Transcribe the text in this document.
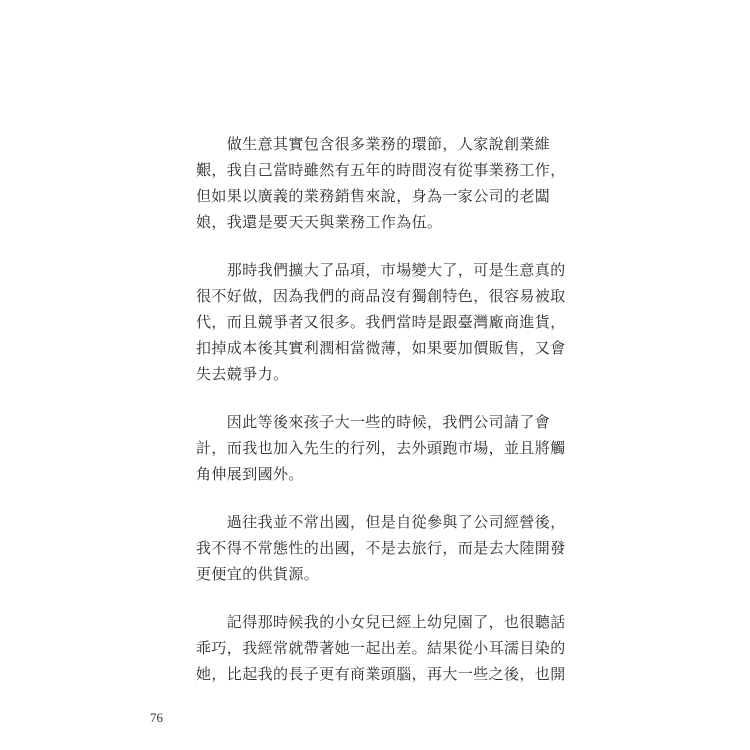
　　做生意其實包含很多業務的環節，人家說創業維
艱，我自己當時雖然有五年的時間沒有從事業務工作，
但如果以廣義的業務銷售來說，身為一家公司的老闆
娘，我還是要天天與業務工作為伍。

　　那時我們擴大了品項，市場變大了，可是生意真的
很不好做，因為我們的商品沒有獨創特色，很容易被取
代，而且競爭者又很多。我們當時是跟臺灣廠商進貨，
扣掉成本後其實利潤相當微薄，如果要加價販售，又會
失去競爭力。

　　因此等後來孩子大一些的時候，我們公司請了會
計，而我也加入先生的行列，去外頭跑市場，並且將觸
角伸展到國外。

　　過往我並不常出國，但是自從參與了公司經營後，
我不得不常態性的出國，不是去旅行，而是去大陸開發
更便宜的供貨源。

　　記得那時候我的小女兒已經上幼兒園了，也很聽話
乖巧，我經常就帶著她一起出差。結果從小耳濡目染的
她，比起我的長子更有商業頭腦，再大一些之後，也開

76
